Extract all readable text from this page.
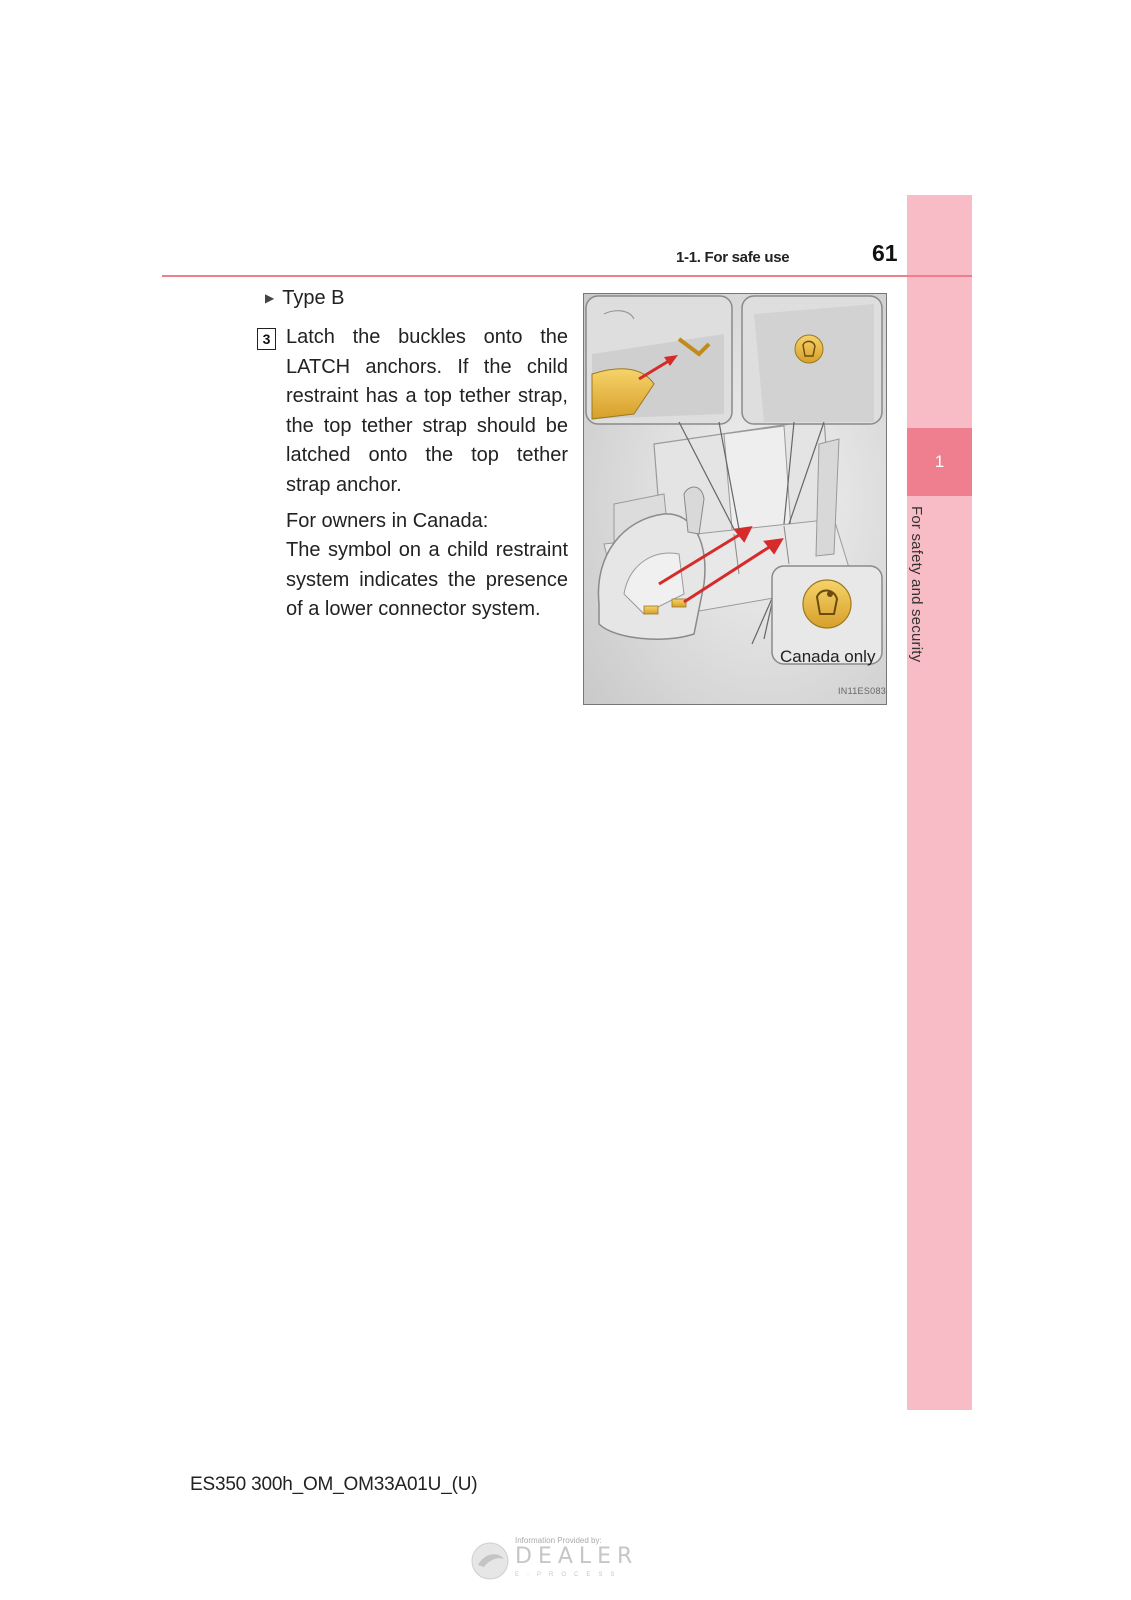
1
For safety and security
1-1. For safe use	61
▶ Type B
3 Latch the buckles onto the LATCH anchors. If the child restraint has a top tether strap, the top tether strap should be latched onto the top tether strap anchor.
For owners in Canada:
The symbol on a child restraint system indicates the presence of a lower connector system.
Canada only
IN11ES083
ES350 300h_OM_OM33A01U_(U)
Information Provided by:
DEALER
E-PROCESS
